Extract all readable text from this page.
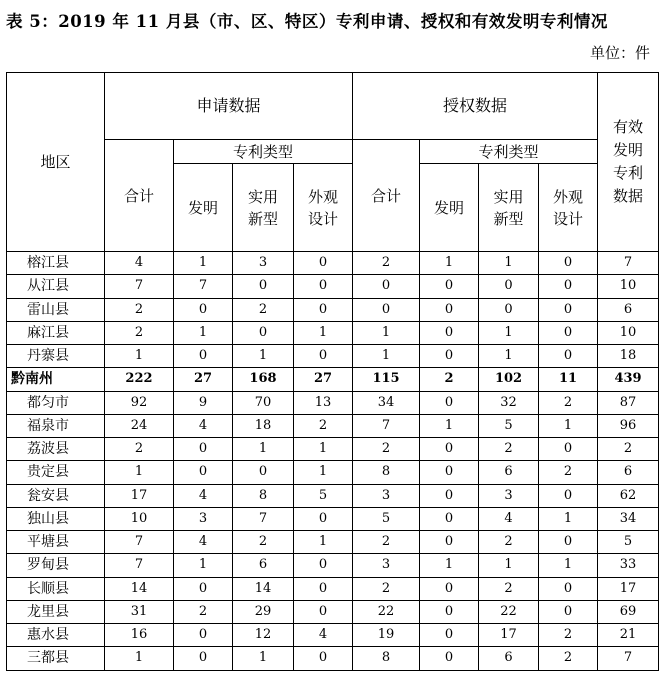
表 5：2019 年 11 月县（市、区、特区）专利申请、授权和有效发明专利情况
单位：件
地区	申请数据				授权数据				有效发明专利数据

	合计	专利类型			合计	专利类型			
		发明	实用新型	外观设计		发明	实用新型	外观设计	

榕江县	4	1	3	0	2	1	1	0	7
从江县	7	7	0	0	0	0	0	0	10
雷山县	2	0	2	0	0	0	0	0	6
麻江县	2	1	0	1	1	0	1	0	10
丹寨县	1	0	1	0	1	0	1	0	18
黔南州	222	27	168	27	115	2	102	11	439
都匀市	92	9	70	13	34	0	32	2	87
福泉市	24	4	18	2	7	1	5	1	96
荔波县	2	0	1	1	2	0	2	0	2
贵定县	1	0	0	1	8	0	6	2	6
瓮安县	17	4	8	5	3	0	3	0	62
独山县	10	3	7	0	5	0	4	1	34
平塘县	7	4	2	1	2	0	2	0	5
罗甸县	7	1	6	0	3	1	1	1	33
长顺县	14	0	14	0	2	0	2	0	17
龙里县	31	2	29	0	22	0	22	0	69
惠水县	16	0	12	4	19	0	17	2	21
三都县	1	0	1	0	8	0	6	2	7
